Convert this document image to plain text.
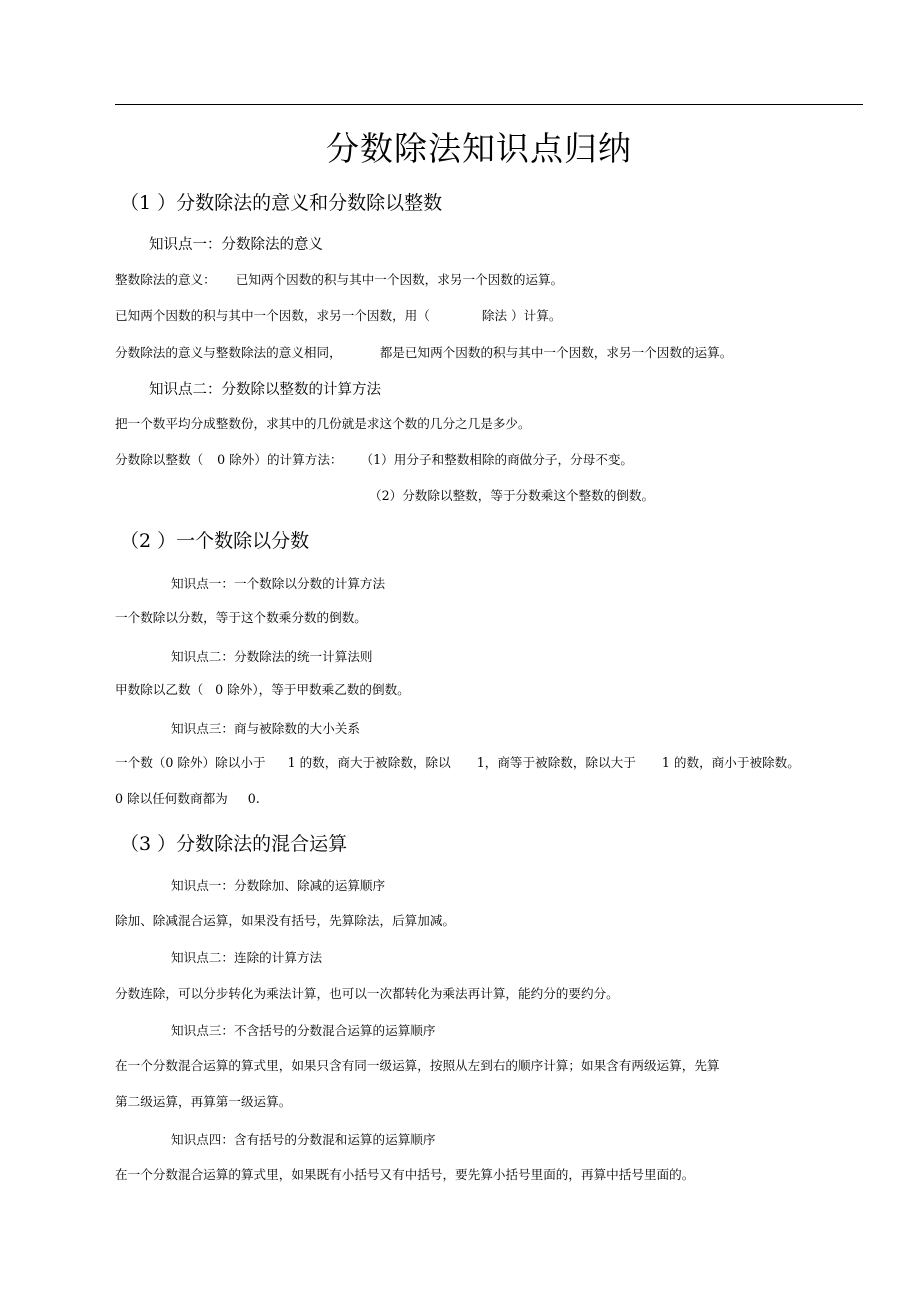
分数除法知识点归纳
（1 ）分数除法的意义和分数除以整数
知识点一：分数除法的意义
整数除法的意义： 已知两个因数的积与其中一个因数，求另一个因数的运算。
已知两个因数的积与其中一个因数，求另一个因数，用（	除法 ）计算。
分数除法的意义与整数除法的意义相同，	都是已知两个因数的积与其中一个因数，求另一个因数的运算。
知识点二：分数除以整数的计算方法
把一个数平均分成整数份，求其中的几份就是求这个数的几分之几是多少。
分数除以整数（ 0 除外）的计算方法： （1）用分子和整数相除的商做分子，分母不变。
（2）分数除以整数，等于分数乘这个整数的倒数。
（2 ）一个数除以分数
知识点一：一个数除以分数的计算方法
一个数除以分数，等于这个数乘分数的倒数。
知识点二：分数除法的统一计算法则
甲数除以乙数（ 0 除外），等于甲数乘乙数的倒数。
知识点三：商与被除数的大小关系
一个数（0 除外）除以小于 1 的数，商大于被除数，除以 1，商等于被除数，除以大于 1 的数，商小于被除数。
0 除以任何数商都为 0.
（3 ）分数除法的混合运算
知识点一：分数除加、除减的运算顺序
除加、除减混合运算，如果没有括号，先算除法，后算加减。
知识点二：连除的计算方法
分数连除，可以分步转化为乘法计算，也可以一次都转化为乘法再计算，能约分的要约分。
知识点三：不含括号的分数混合运算的运算顺序
在一个分数混合运算的算式里，如果只含有同一级运算，按照从左到右的顺序计算；如果含有两级运算，先算
第二级运算，再算第一级运算。
知识点四：含有括号的分数混和运算的运算顺序
在一个分数混合运算的算式里，如果既有小括号又有中括号，要先算小括号里面的，再算中括号里面的。
